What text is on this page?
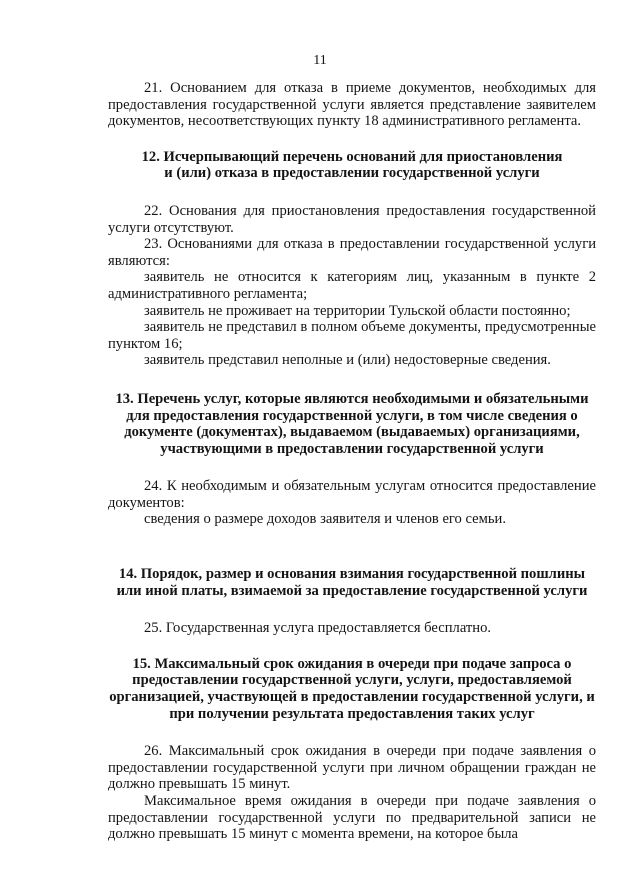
11

21. Основанием для отказа в приеме документов, необходимых для предоставления государственной услуги является представление заявителем документов, несоответствующих пункту 18 административного регламента.

12. Исчерпывающий перечень оснований для приостановления

и (или) отказа в предоставлении государственной услуги

22. Основания для приостановления предоставления государственной услуги отсутствуют.

23. Основаниями для отказа в предоставлении государственной услуги являются:

заявитель не относится к категориям лиц, указанным в пункте 2 административного регламента;

заявитель не проживает на территории Тульской области постоянно;

заявитель не представил в полном объеме документы, предусмотренные пунктом 16;

заявитель представил неполные и (или) недостоверные сведения.

13. Перечень услуг, которые являются необходимыми и обязательными

для предоставления государственной услуги, в том числе сведения о

документе (документах), выдаваемом (выдаваемых) организациями,

участвующими в предоставлении государственной услуги

24. К необходимым и обязательным услугам относится предоставление документов:

сведения о размере доходов заявителя и членов его семьи.

14. Порядок, размер и основания взимания государственной пошлины

или иной платы, взимаемой за предоставление государственной услуги

25. Государственная услуга предоставляется бесплатно.

15. Максимальный срок ожидания в очереди при подаче запроса о

предоставлении государственной услуги, услуги, предоставляемой

организацией, участвующей в предоставлении государственной услуги, и

при получении результата предоставления таких услуг

26. Максимальный срок ожидания в очереди при подаче заявления о предоставлении государственной услуги при личном обращении граждан не должно превышать 15 минут.

Максимальное время ожидания в очереди при подаче заявления о предоставлении государственной услуги по предварительной записи не должно превышать 15 минут с момента времени, на которое была
